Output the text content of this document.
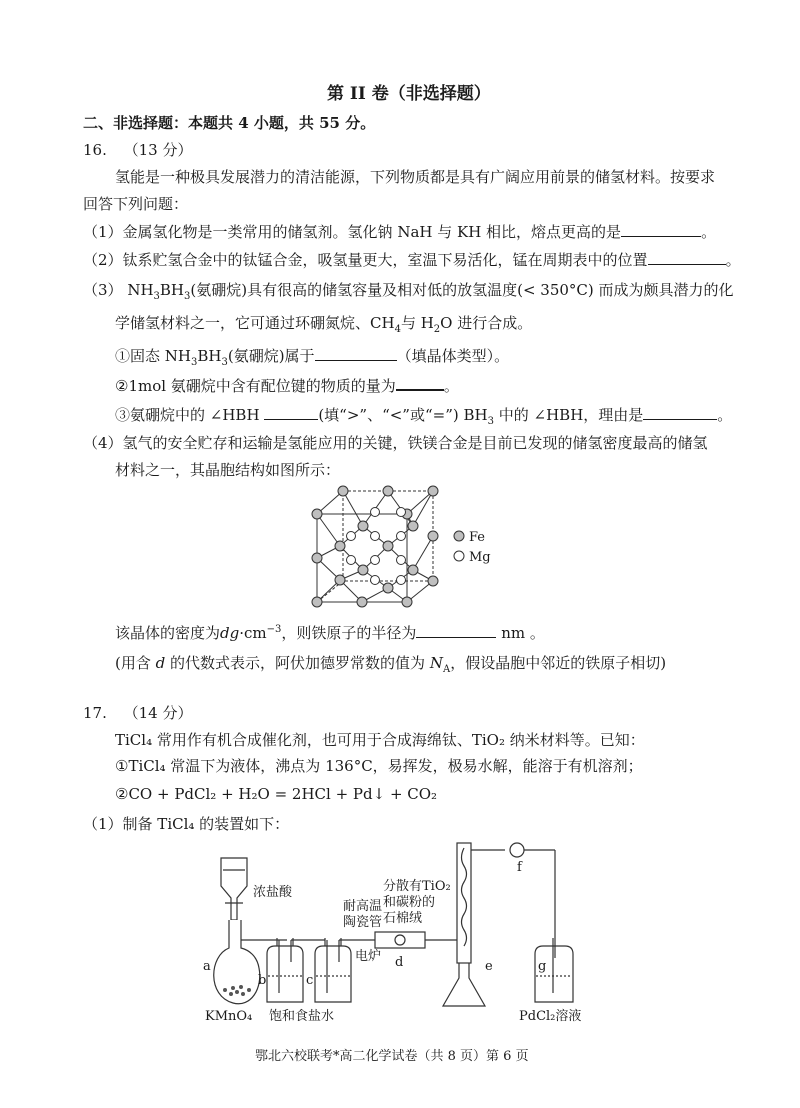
第 II 卷（非选择题）
二、非选择题：本题共 4 小题，共 55 分。
16. （13 分）
氢能是一种极具发展潜力的清洁能源，下列物质都是具有广阔应用前景的储氢材料。按要求
回答下列问题：
（1）金属氢化物是一类常用的储氢剂。氢化钠 NaH 与 KH 相比，熔点更高的是	。
（2）钛系贮氢合金中的钛锰合金，吸氢量更大，室温下易活化，锰在周期表中的位置	。
（3） $NH_3BH_3$(氨硼烷)具有很高的储氢容量及相对低的放氢温度(< 350°C) 而成为颇具潜力的化
学储氢材料之一，它可通过环硼氮烷、$CH_4$与 $H_2O$ 进行合成。
①固态 $NH_3BH_3$(氨硼烷)属于	（填晶体类型）。
②1mol 氨硼烷中含有配位键的物质的量为	。
③氨硼烷中的 ∠HBH	(填“>”、“<”或“=”) $BH_3$ 中的 ∠HBH，理由是	。
（4）氢气的安全贮存和运输是氢能应用的关键，铁镁合金是目前已发现的储氢密度最高的储氢
材料之一，其晶胞结构如图所示：
Fe
Mg
该晶体的密度为$dg\cdot cm^{-3}$，则铁原子的半径为	nm 。
(用含 d 的代数式表示，阿伏加德罗常数的值为 $N_A$，假设晶胞中邻近的铁原子相切)
17. （14 分）
TiCl₄ 常用作有机合成催化剂，也可用于合成海绵钛、TiO₂ 纳米材料等。已知：
①TiCl₄ 常温下为液体，沸点为 136°C，易挥发，极易水解，能溶于有机溶剂；
②CO + PdCl₂ + H₂O = 2HCl + Pd↓ + CO₂
（1）制备 TiCl₄ 的装置如下：
浓盐酸
耐高温
陶瓷管
分散有TiO₂
和碳粉的
石棉绒
电炉
a
b	c
d	e
f
g
KMnO₄ 饱和食盐水	PdCl₂溶液
鄂北六校联考*高二化学试卷（共 8 页）第 6 页
